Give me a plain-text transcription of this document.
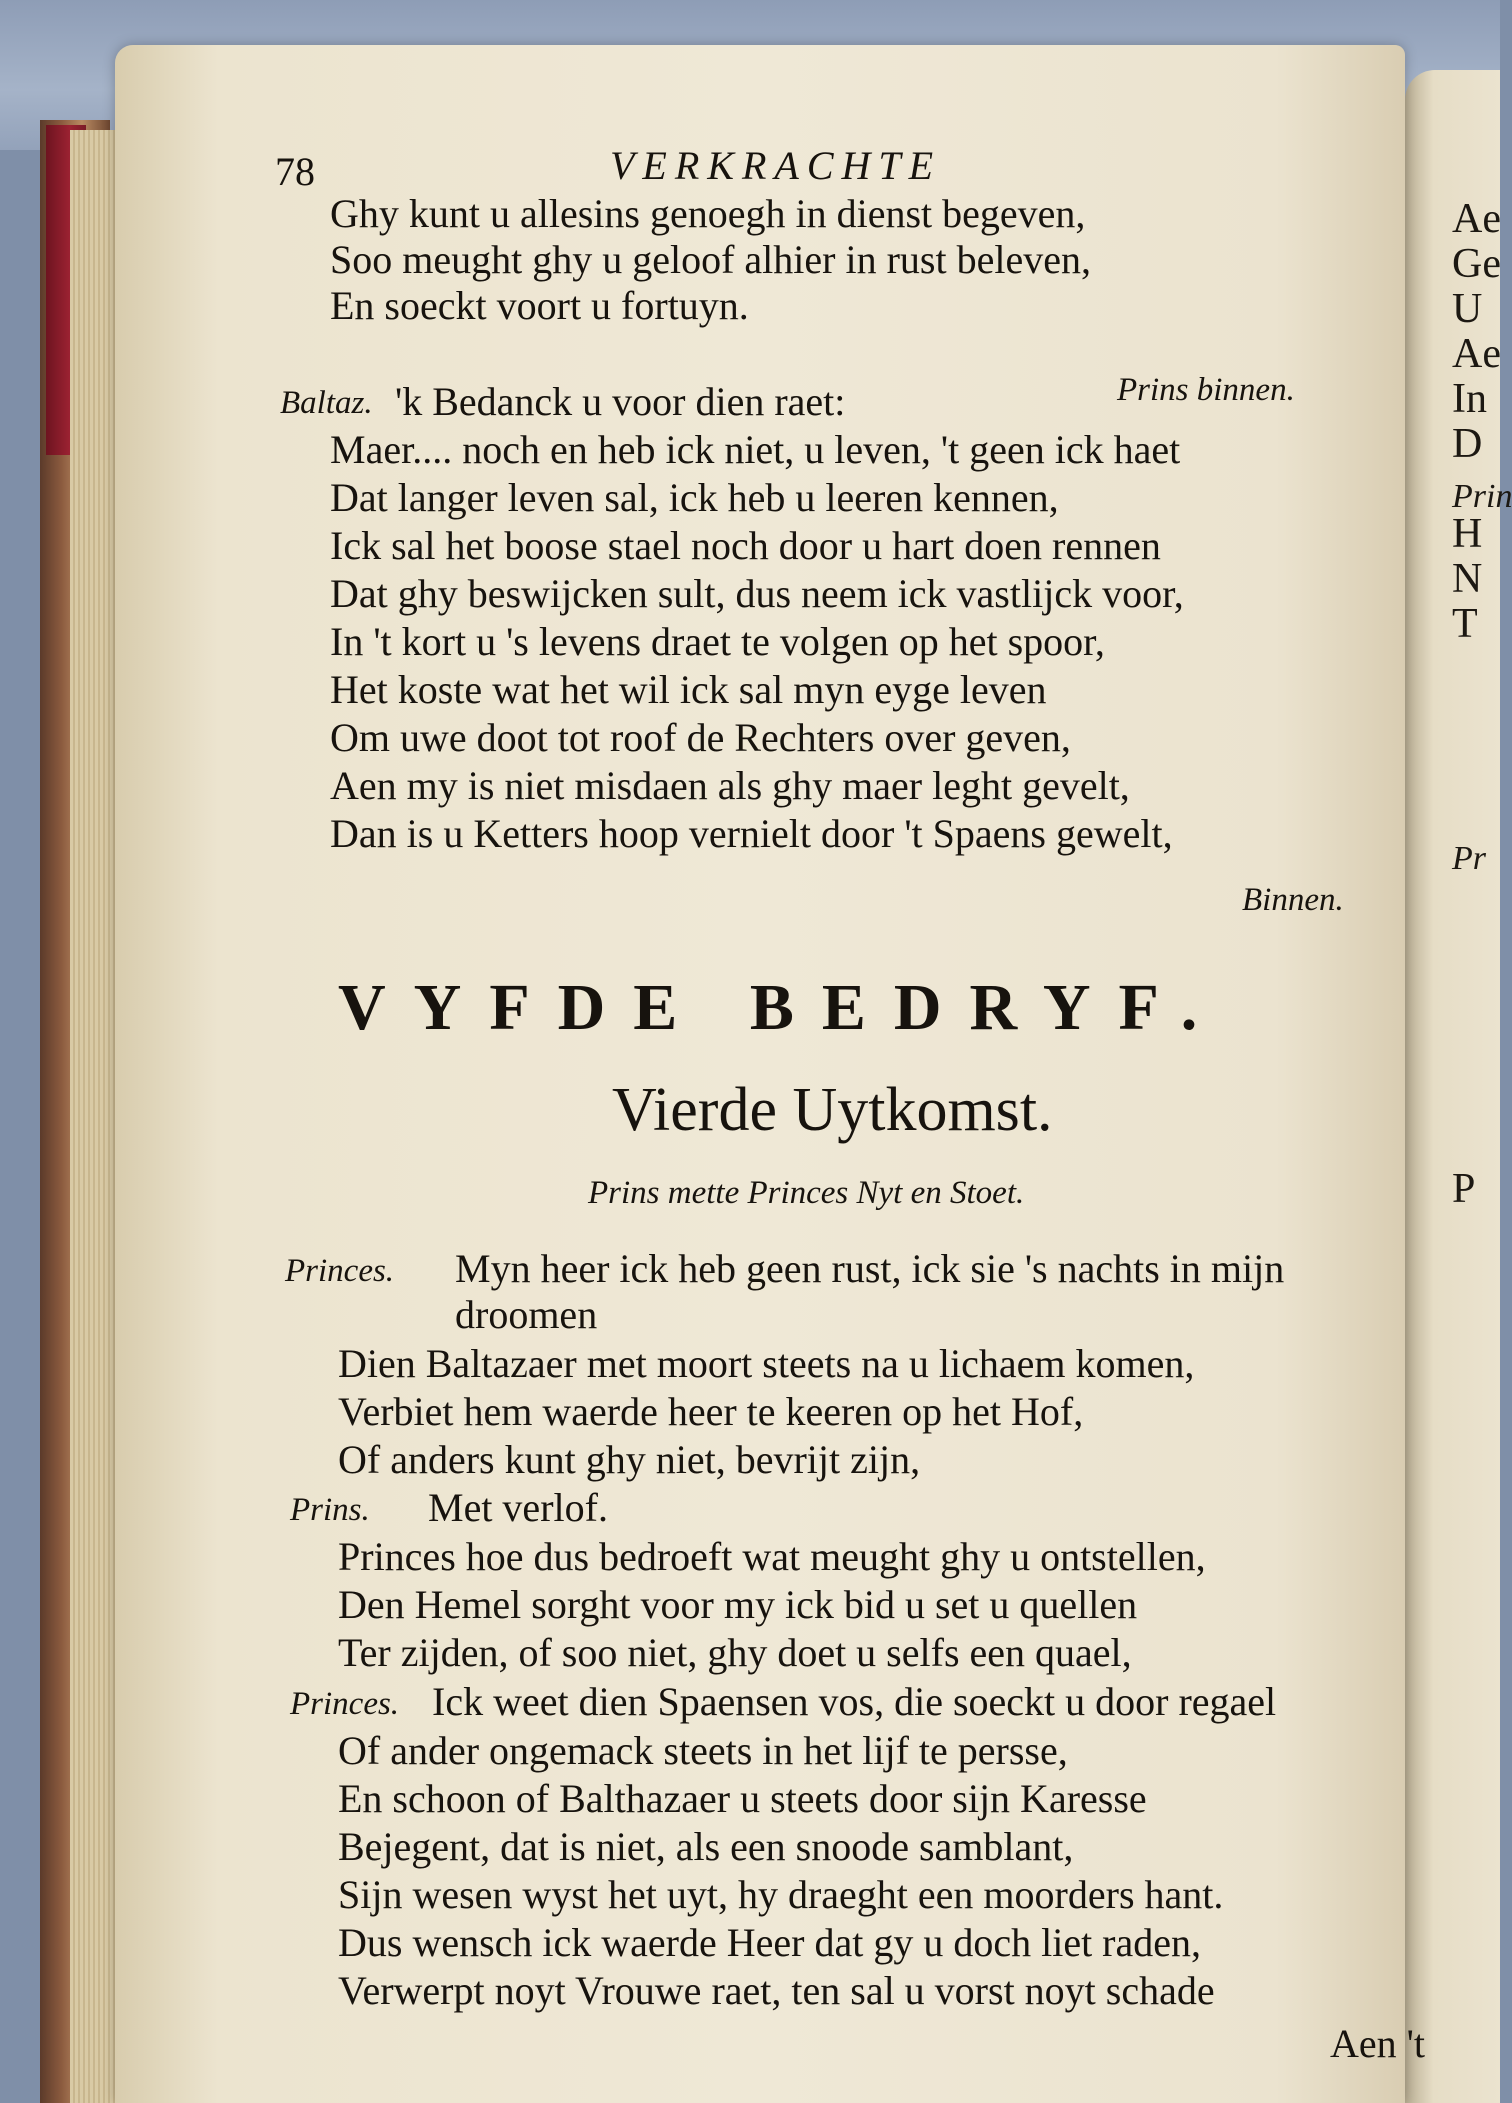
Ae
Ge
U
Ae
In
D
Prin
H
N
T
Pr
P
78	VERKRACHTE
Ghy kunt u allesins genoegh in dienst begeven,
Soo meught ghy u geloof alhier in rust beleven,
En soeckt voort u fortuyn.
Prins binnen.
Baltaz. 'k Bedanck u voor dien raet:
Maer.... noch en heb ick niet, u leven, 't geen ick haet
Dat langer leven sal, ick heb u leeren kennen,
Ick sal het boose stael noch door u hart doen rennen
Dat ghy beswijcken sult, dus neem ick vastlijck voor,
In 't kort u 's levens draet te volgen op het spoor,
Het koste wat het wil ick sal myn eyge leven
Om uwe doot tot roof de Rechters over geven,
Aen my is niet misdaen als ghy maer leght gevelt,
Dan is u Ketters hoop vernielt door 't Spaens gewelt,
Binnen.
VYFDE BEDRYF.
Vierde Uytkomst.
Prins mette Princes Nyt en Stoet.
Princes. Myn heer ick heb geen rust, ick sie 's nachts in mijn
droomen
Dien Baltazaer met moort steets na u lichaem komen,
Verbiet hem waerde heer te keeren op het Hof,
Of anders kunt ghy niet, bevrijt zijn,
Prins. Met verlof.
Princes hoe dus bedroeft wat meught ghy u ontstellen,
Den Hemel sorght voor my ick bid u set u quellen
Ter zijden, of soo niet, ghy doet u selfs een quael,
Princes. Ick weet dien Spaensen vos, die soeckt u door regael
Of ander ongemack steets in het lijf te persse,
En schoon of Balthazaer u steets door sijn Karesse
Bejegent, dat is niet, als een snoode samblant,
Sijn wesen wyst het uyt, hy draeght een moorders hant.
Dus wensch ick waerde Heer dat gy u doch liet raden,
Verwerpt noyt Vrouwe raet, ten sal u vorst noyt schade
Aen 't
